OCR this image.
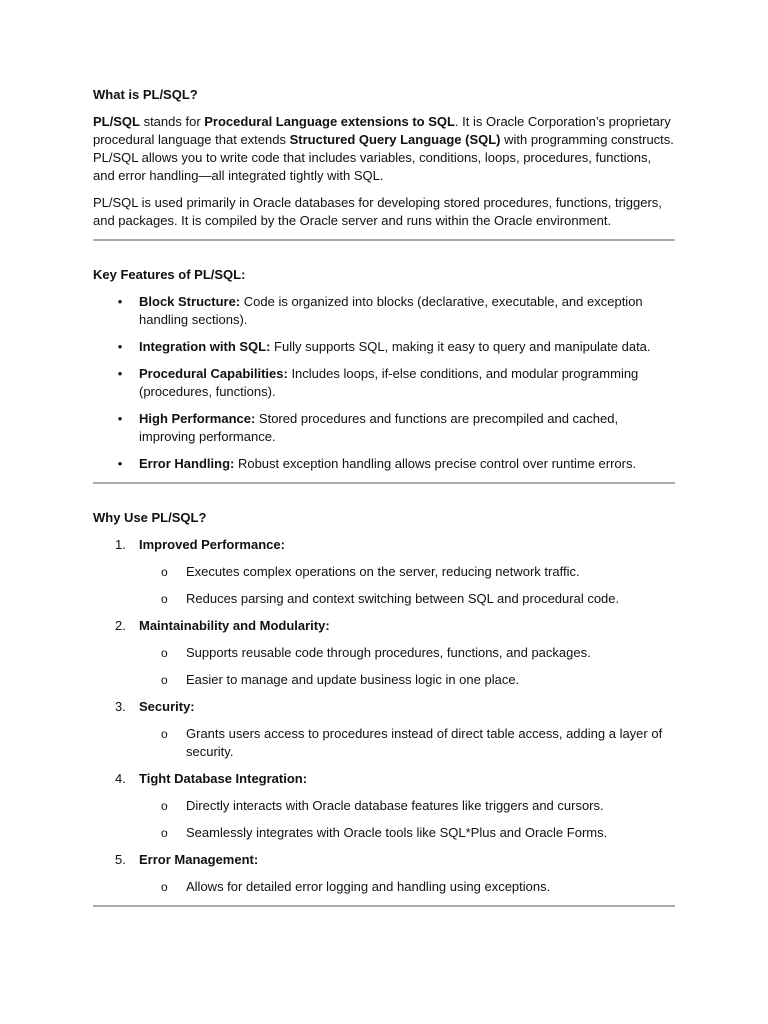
What is PL/SQL?

PL/SQL stands for Procedural Language extensions to SQL. It is Oracle Corporation’s proprietary procedural language that extends Structured Query Language (SQL) with programming constructs. PL/SQL allows you to write code that includes variables, conditions, loops, procedures, functions, and error handling—all integrated tightly with SQL.

PL/SQL is used primarily in Oracle databases for developing stored procedures, functions, triggers, and packages. It is compiled by the Oracle server and runs within the Oracle environment.

Key Features of PL/SQL:

• Block Structure: Code is organized into blocks (declarative, executable, and exception handling sections).
• Integration with SQL: Fully supports SQL, making it easy to query and manipulate data.
• Procedural Capabilities: Includes loops, if-else conditions, and modular programming (procedures, functions).
• High Performance: Stored procedures and functions are precompiled and cached, improving performance.
• Error Handling: Robust exception handling allows precise control over runtime errors.

Why Use PL/SQL?

1.	Improved Performance:
o Executes complex operations on the server, reducing network traffic.
o Reduces parsing and context switching between SQL and procedural code.
2.	Maintainability and Modularity:
o Supports reusable code through procedures, functions, and packages.
o Easier to manage and update business logic in one place.
3.	Security:
o Grants users access to procedures instead of direct table access, adding a layer of security.
4.	Tight Database Integration:
o Directly interacts with Oracle database features like triggers and cursors.
o Seamlessly integrates with Oracle tools like SQL*Plus and Oracle Forms.
5.	Error Management:
o Allows for detailed error logging and handling using exceptions.
